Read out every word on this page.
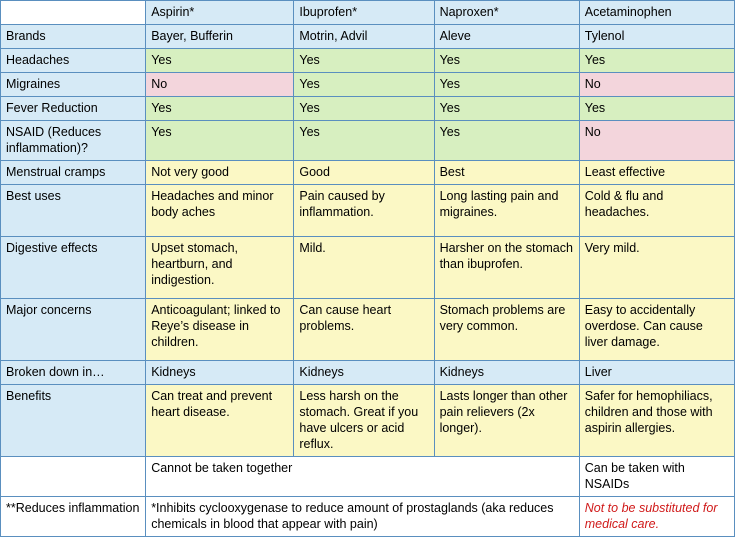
	Aspirin*	Ibuprofen*	Naproxen*	Acetaminophen
Brands	Bayer, Bufferin	Motrin, Advil	Aleve	Tylenol
Headaches	Yes	Yes	Yes	Yes
Migraines	No	Yes	Yes	No
Fever Reduction	Yes	Yes	Yes	Yes
NSAID (Reduces inflammation)?	Yes	Yes	Yes	No
Menstrual cramps	Not very good	Good	Best	Least effective
Best uses	Headaches and minor body aches	Pain caused by inflammation.	Long lasting pain and migraines.	Cold & flu and headaches.
Digestive effects	Upset stomach, heartburn, and indigestion.	Mild.	Harsher on the stomach than ibuprofen.	Very mild.
Major concerns	Anticoagulant; linked to Reye’s disease in children.	Can cause heart problems.	Stomach problems are very common.	Easy to accidentally overdose. Can cause liver damage.
Broken down in…	Kidneys	Kidneys	Kidneys	Liver
Benefits	Can treat and prevent heart disease.	Less harsh on the stomach. Great if you have ulcers or acid reflux.	Lasts longer than other pain relievers (2x longer).	Safer for hemophiliacs, children and those with aspirin allergies.
	Cannot be taken together			Can be taken with NSAIDs
**Reduces inflammation	*Inhibits cyclooxygenase to reduce amount of prostaglands (aka reduces chemicals in blood that appear with pain)			Not to be substituted for medical care.
